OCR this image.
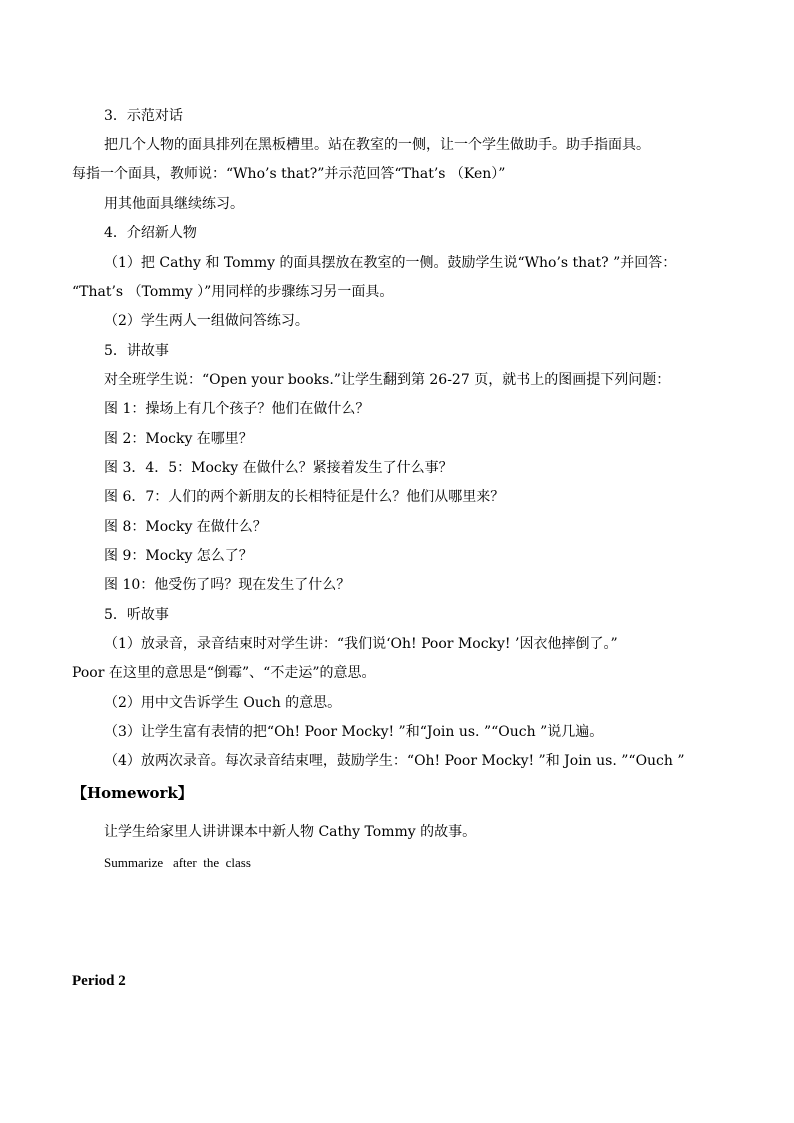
3．示范对话
把几个人物的面具排列在黑板槽里。站在教室的一侧，让一个学生做助手。助手指面具。
每指一个面具，教师说：“Who’s that?”并示范回答“That’s （Ken）”
用其他面具继续练习。
4．介绍新人物
（1）把 Cathy 和 Tommy 的面具摆放在教室的一侧。鼓励学生说“Who’s that? ”并回答：
“That’s （Tommy ）”用同样的步骤练习另一面具。
（2）学生两人一组做问答练习。
5．讲故事
对全班学生说：“Open your books.”让学生翻到第 26-27 页，就书上的图画提下列问题：
图 1：操场上有几个孩子？他们在做什么？
图 2：Mocky 在哪里？
图 3．4．5：Mocky 在做什么？紧接着发生了什么事？
图 6．7：人们的两个新朋友的长相特征是什么？他们从哪里来？
图 8：Mocky 在做什么？
图 9：Mocky 怎么了？
图 10：他受伤了吗？现在发生了什么？
5．听故事
（1）放录音，录音结束时对学生讲：“我们说‘Oh! Poor Mocky! ’因衣他摔倒了。”
Poor 在这里的意思是“倒霉”、“不走运”的意思。
（2）用中文告诉学生 Ouch 的意思。
（3）让学生富有表情的把“Oh! Poor Mocky! ”和“Join us. ”“Ouch ”说几遍。
（4）放两次录音。每次录音结束哩，鼓励学生：“Oh! Poor Mocky! ”和 Join us. ”“Ouch ”
【Homework】
让学生给家里人讲讲课本中新人物 Cathy Tommy 的故事。
Summarize   after  the  class
Period 2
